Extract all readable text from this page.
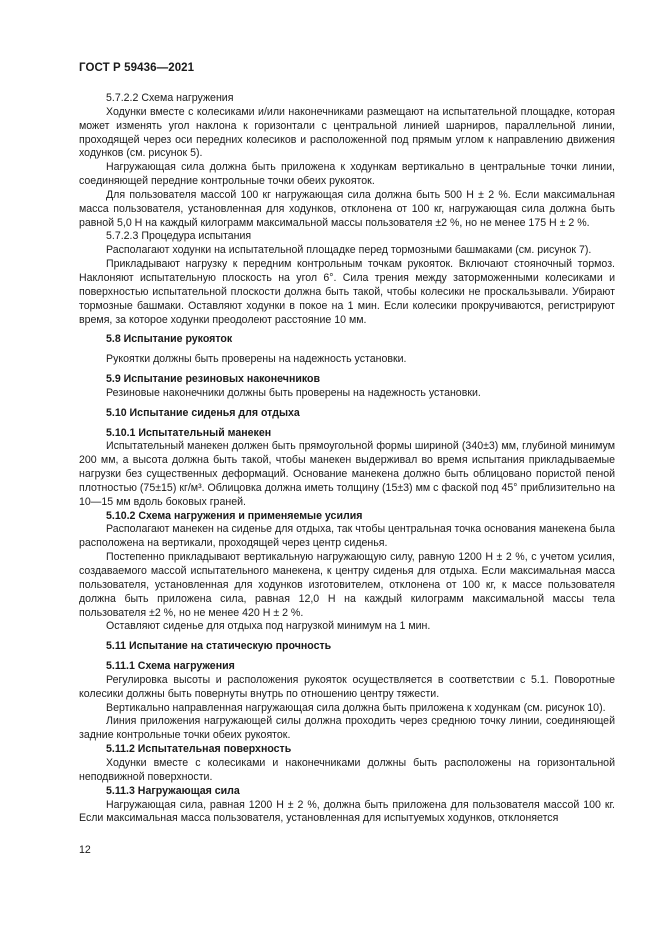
ГОСТ Р 59436—2021

5.7.2.2 Схема нагружения

Ходунки вместе с колесиками и/или наконечниками размещают на испытательной площадке, которая может изменять угол наклона к горизонтали с центральной линией шарниров, параллельной линии, проходящей через оси передних колесиков и расположенной под прямым углом к направлению движения ходунков (см. рисунок 5).

Нагружающая сила должна быть приложена к ходункам вертикально в центральные точки линии, соединяющей передние контрольные точки обеих рукояток.

Для пользователя массой 100 кг нагружающая сила должна быть 500 Н ± 2 %. Если максимальная масса пользователя, установленная для ходунков, отклонена от 100 кг, нагружающая сила должна быть равной 5,0 Н на каждый килограмм максимальной массы пользователя ±2 %, но не менее 175 Н ± 2 %.

5.7.2.3 Процедура испытания

Располагают ходунки на испытательной площадке перед тормозными башмаками (см. рисунок 7).

Прикладывают нагрузку к передним контрольным точкам рукояток. Включают стояночный тормоз. Наклоняют испытательную плоскость на угол 6°. Сила трения между заторможенными колесиками и поверхностью испытательной плоскости должна быть такой, чтобы колесики не проскальзывали. Убирают тормозные башмаки. Оставляют ходунки в покое на 1 мин. Если колесики прокручиваются, регистрируют время, за которое ходунки преодолеют расстояние 10 мм.

5.8 Испытание рукояток

Рукоятки должны быть проверены на надежность установки.

5.9 Испытание резиновых наконечников

Резиновые наконечники должны быть проверены на надежность установки.

5.10 Испытание сиденья для отдыха

5.10.1 Испытательный манекен

Испытательный манекен должен быть прямоугольной формы шириной (340±3) мм, глубиной минимум 200 мм, а высота должна быть такой, чтобы манекен выдерживал во время испытания прикладываемые нагрузки без существенных деформаций. Основание манекена должно быть облицовано пористой пеной плотностью (75±15) кг/м³. Облицовка должна иметь толщину (15±3) мм с фаской под 45° приблизительно на 10—15 мм вдоль боковых граней.

5.10.2 Схема нагружения и применяемые усилия

Располагают манекен на сиденье для отдыха, так чтобы центральная точка основания манекена была расположена на вертикали, проходящей через центр сиденья.

Постепенно прикладывают вертикальную нагружающую силу, равную 1200 Н ± 2 %, с учетом усилия, создаваемого массой испытательного манекена, к центру сиденья для отдыха. Если максимальная масса пользователя, установленная для ходунков изготовителем, отклонена от 100 кг, к массе пользователя должна быть приложена сила, равная 12,0 Н на каждый килограмм максимальной массы тела пользователя ±2 %, но не менее 420 Н ± 2 %.

Оставляют сиденье для отдыха под нагрузкой минимум на 1 мин.

5.11 Испытание на статическую прочность

5.11.1 Схема нагружения

Регулировка высоты и расположения рукояток осуществляется в соответствии с 5.1. Поворотные колесики должны быть повернуты внутрь по отношению центру тяжести.

Вертикально направленная нагружающая сила должна быть приложена к ходункам (см. рисунок 10).

Линия приложения нагружающей силы должна проходить через среднюю точку линии, соединяющей задние контрольные точки обеих рукояток.

5.11.2 Испытательная поверхность

Ходунки вместе с колесиками и наконечниками должны быть расположены на горизонтальной неподвижной поверхности.

5.11.3 Нагружающая сила

Нагружающая сила, равная 1200 Н ± 2 %, должна быть приложена для пользователя массой 100 кг. Если максимальная масса пользователя, установленная для испытуемых ходунков, отклоняется

12
